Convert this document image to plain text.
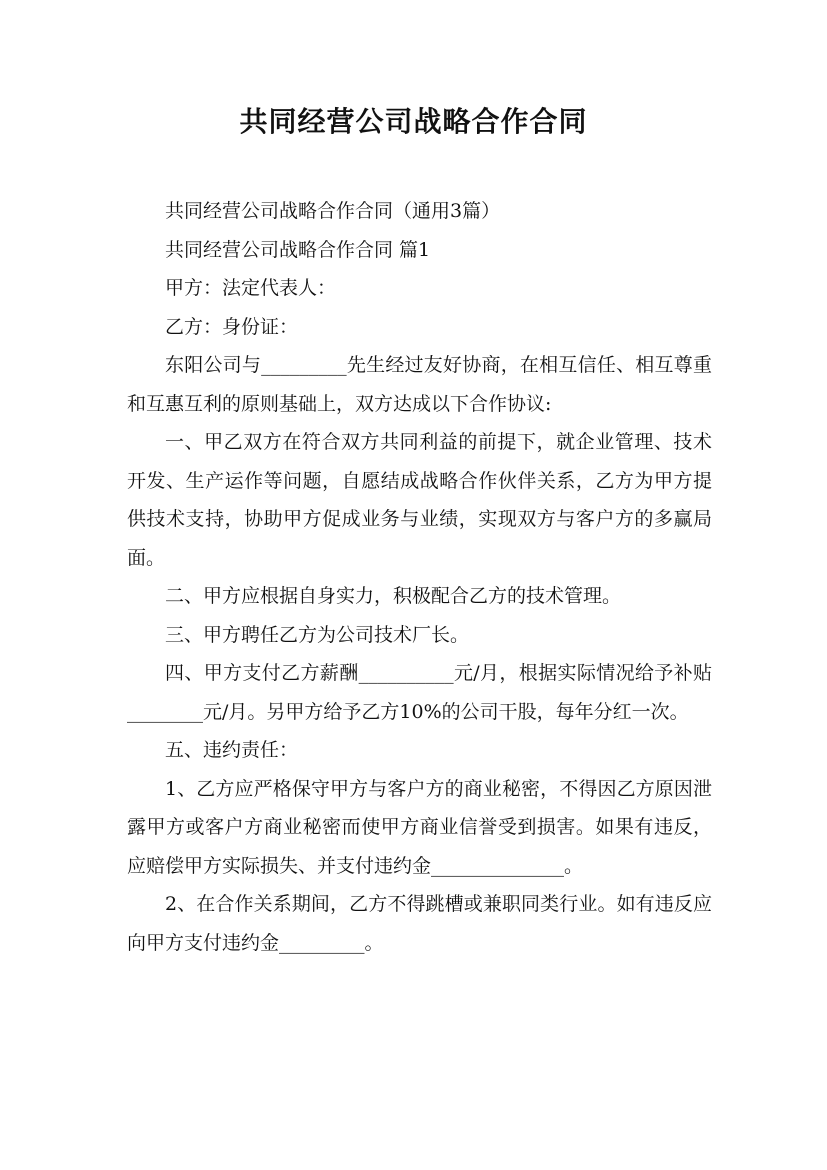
共同经营公司战略合作合同

共同经营公司战略合作合同（通用3篇）

共同经营公司战略合作合同 篇1

甲方：法定代表人：

乙方：身份证：

东阳公司与_________先生经过友好协商，在相互信任、相互尊重和互惠互利的原则基础上，双方达成以下合作协议:

一、甲乙双方在符合双方共同利益的前提下，就企业管理、技术开发、生产运作等问题，自愿结成战略合作伙伴关系，乙方为甲方提供技术支持，协助甲方促成业务与业绩，实现双方与客户方的多赢局面。

二、甲方应根据自身实力，积极配合乙方的技术管理。

三、甲方聘任乙方为公司技术厂长。

四、甲方支付乙方薪酬__________元/月，根据实际情况给予补贴________元/月。另甲方给予乙方10%的公司干股，每年分红一次。

五、违约责任：

1、乙方应严格保守甲方与客户方的商业秘密，不得因乙方原因泄露甲方或客户方商业秘密而使甲方商业信誉受到损害。如果有违反，应赔偿甲方实际损失、并支付违约金______________。

2、在合作关系期间，乙方不得跳槽或兼职同类行业。如有违反应向甲方支付违约金_________。
